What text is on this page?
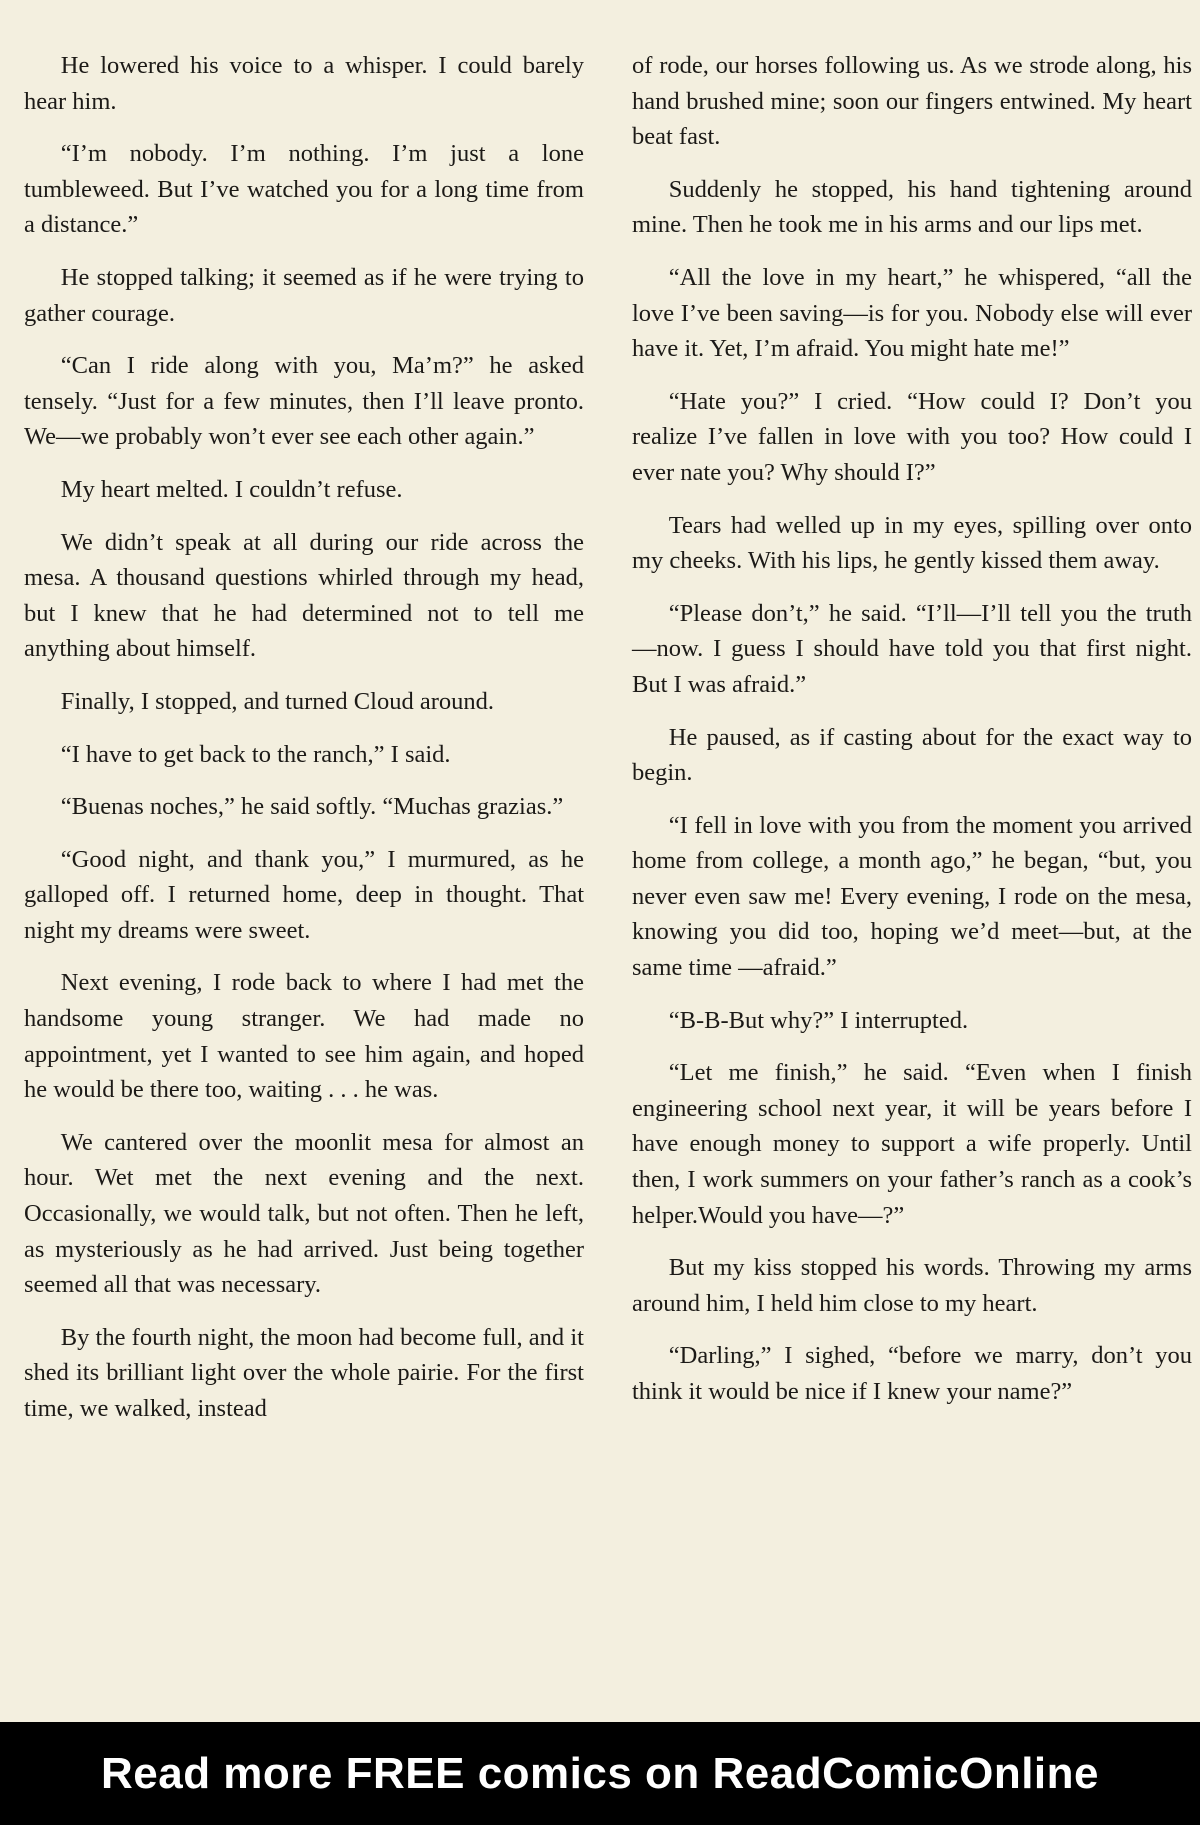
He lowered his voice to a whisper. I could barely hear him.

“I’m nobody. I’m nothing. I’m just a lone tumbleweed. But I’ve watched you for a long time from a distance.”

He stopped talking; it seemed as if he were trying to gather courage.

“Can I ride along with you, Ma’m?” he asked tensely. “Just for a few minutes, then I’ll leave pronto. We—we probably won’t ever see each other again.”

My heart melted. I couldn’t refuse.

We didn’t speak at all during our ride across the mesa. A thousand questions whirled through my head, but I knew that he had determined not to tell me anything about himself.

Finally, I stopped, and turned Cloud around.

“I have to get back to the ranch,” I said.

“Buenas noches,” he said softly. “Muchas grazias.”

“Good night, and thank you,” I murmured, as he galloped off. I returned home, deep in thought. That night my dreams were sweet.

Next evening, I rode back to where I had met the handsome young stranger. We had made no appointment, yet I wanted to see him again, and hoped he would be there too, waiting . . . he was.

We cantered over the moonlit mesa for almost an hour. Wet met the next evening and the next. Occasionally, we would talk, but not often. Then he left, as mysteriously as he had arrived. Just being together seemed all that was necessary.

By the fourth night, the moon had become full, and it shed its brilliant light over the whole pairie. For the first time, we walked, instead

of rode, our horses following us. As we strode along, his hand brushed mine; soon our fingers entwined. My heart beat fast.

Suddenly he stopped, his hand tightening around mine. Then he took me in his arms and our lips met.

“All the love in my heart,” he whispered, “all the love I’ve been saving—is for you. Nobody else will ever have it. Yet, I’m afraid. You might hate me!”

“Hate you?” I cried. “How could I? Don’t you realize I’ve fallen in love with you too? How could I ever nate you? Why should I?”

Tears had welled up in my eyes, spilling over onto my cheeks. With his lips, he gently kissed them away.

“Please don’t,” he said. “I’ll—I’ll tell you the truth—now. I guess I should have told you that first night. But I was afraid.”

He paused, as if casting about for the exact way to begin.

“I fell in love with you from the moment you arrived home from college, a month ago,” he began, “but, you never even saw me! Every evening, I rode on the mesa, knowing you did too, hoping we’d meet—but, at the same time —afraid.”

“B-B-But why?” I interrupted.

“Let me finish,” he said. “Even when I finish engineering school next year, it will be years before I have enough money to support a wife properly. Until then, I work summers on your father’s ranch as a cook’s helper.Would you have—?”

But my kiss stopped his words. Throwing my arms around him, I held him close to my heart.

“Darling,” I sighed, “before we marry, don’t you think it would be nice if I knew your name?”

Read more FREE comics on ReadComicOnline
